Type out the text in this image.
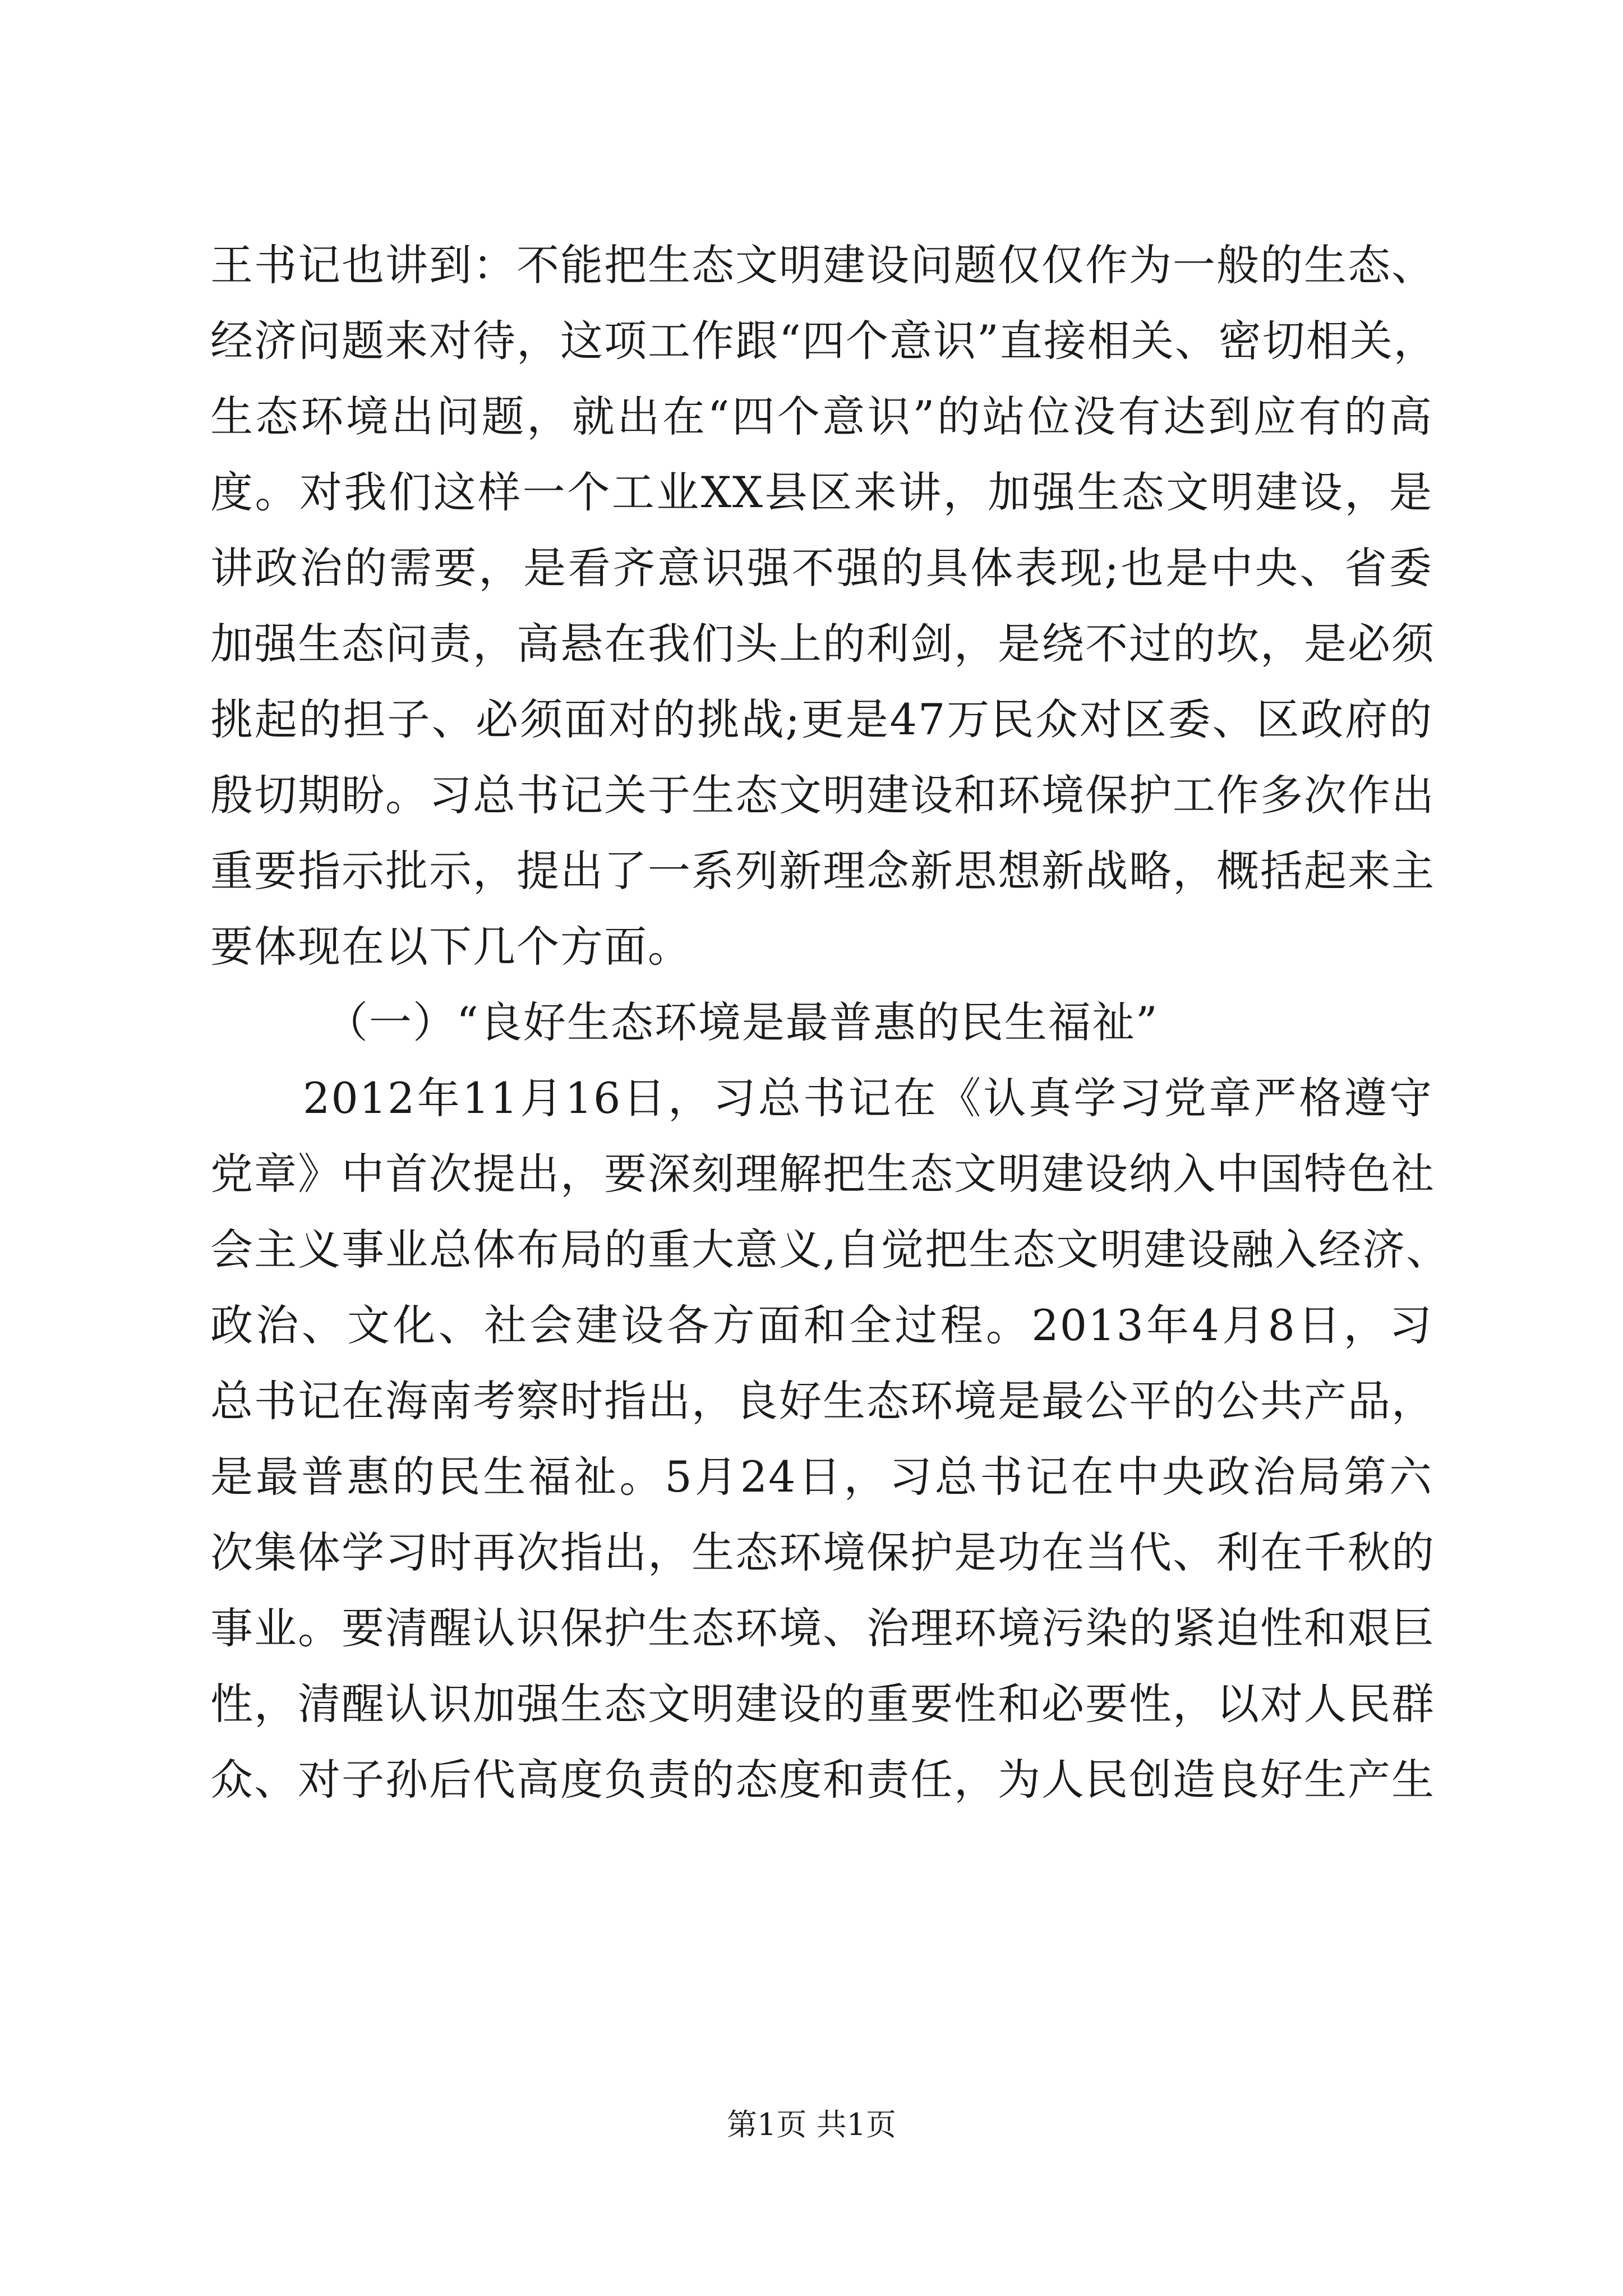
王书记也讲到：不能把生态文明建设问题仅仅作为一般的生态、
经济问题来对待，这项工作跟“四个意识”直接相关、密切相关，
生态环境出问题，就出在“四个意识”的站位没有达到应有的高
度。对我们这样一个工业XX县区来讲，加强生态文明建设，是
讲政治的需要，是看齐意识强不强的具体表现;也是中央、省委
加强生态问责，高悬在我们头上的利剑，是绕不过的坎，是必须
挑起的担子、必须面对的挑战;更是47万民众对区委、区政府的
殷切期盼。习总书记关于生态文明建设和环境保护工作多次作出
重要指示批示，提出了一系列新理念新思想新战略，概括起来主
要体现在以下几个方面。
（一）“良好生态环境是最普惠的民生福祉”
2012年11月16日，习总书记在《认真学习党章严格遵守
党章》中首次提出，要深刻理解把生态文明建设纳入中国特色社
会主义事业总体布局的重大意义,自觉把生态文明建设融入经济、
政治、文化、社会建设各方面和全过程。2013年4月8日，习
总书记在海南考察时指出，良好生态环境是最公平的公共产品，
是最普惠的民生福祉。5月24日，习总书记在中央政治局第六
次集体学习时再次指出，生态环境保护是功在当代、利在千秋的
事业。要清醒认识保护生态环境、治理环境污染的紧迫性和艰巨
性，清醒认识加强生态文明建设的重要性和必要性，以对人民群
众、对子孙后代高度负责的态度和责任，为人民创造良好生产生
第1页 共1页
